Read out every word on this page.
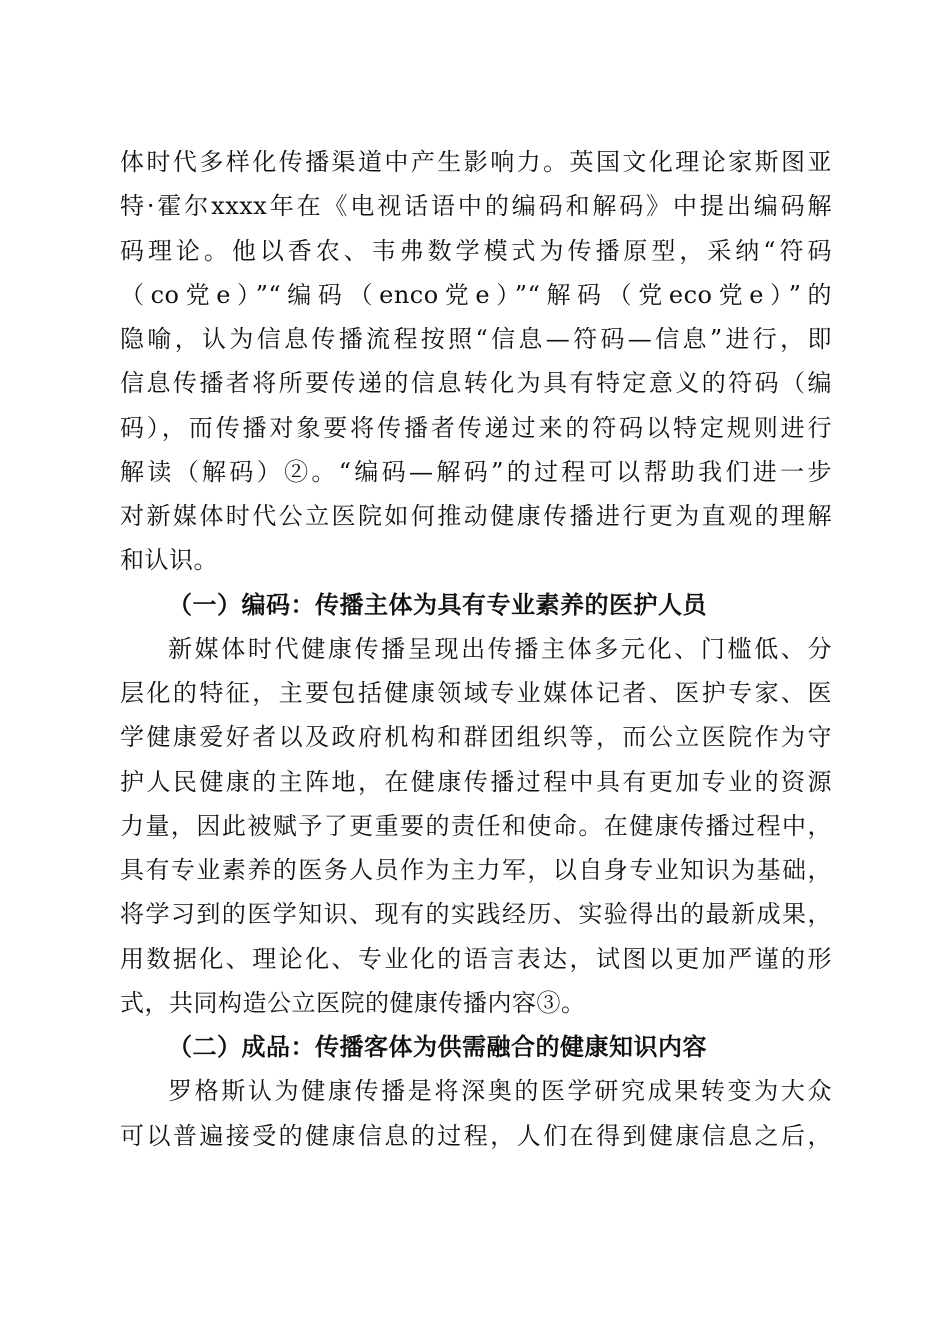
体时代多样化传播渠道中产生影响力。英国文化理论家斯图亚
特·霍尔xxxx年在《电视话语中的编码和解码》中提出编码解
码理论。他以香农、韦弗数学模式为传播原型，采纳“符码
（co党e）”“编码（enco党e）”“解码（党eco党e）”的
隐喻，认为信息传播流程按照“信息—符码—信息”进行，即
信息传播者将所要传递的信息转化为具有特定意义的符码（编
码），而传播对象要将传播者传递过来的符码以特定规则进行
解读（解码）②。“编码—解码”的过程可以帮助我们进一步
对新媒体时代公立医院如何推动健康传播进行更为直观的理解
和认识。
（一）编码：传播主体为具有专业素养的医护人员
新媒体时代健康传播呈现出传播主体多元化、门槛低、分
层化的特征，主要包括健康领域专业媒体记者、医护专家、医
学健康爱好者以及政府机构和群团组织等，而公立医院作为守
护人民健康的主阵地，在健康传播过程中具有更加专业的资源
力量，因此被赋予了更重要的责任和使命。在健康传播过程中，
具有专业素养的医务人员作为主力军，以自身专业知识为基础，
将学习到的医学知识、现有的实践经历、实验得出的最新成果，
用数据化、理论化、专业化的语言表达，试图以更加严谨的形
式，共同构造公立医院的健康传播内容③。
（二）成品：传播客体为供需融合的健康知识内容
罗格斯认为健康传播是将深奥的医学研究成果转变为大众
可以普遍接受的健康信息的过程，人们在得到健康信息之后，
